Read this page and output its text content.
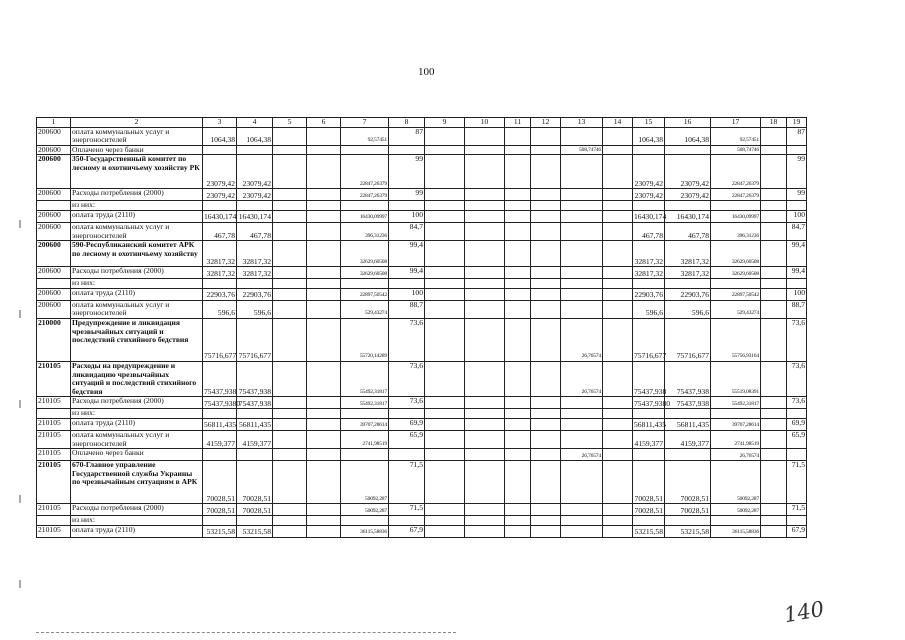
100
1	2	3	4	5	6	7	8	9	10	11	12	13	14	15	16	17	18	19
200600	оплата коммунальных услуг и энергоносителей	1064,38	1064,38			92,57451	87							1064,38	1064,38	92,57451		87
200600	Оплачено через банки											508,74746				508,74746		
200600	350-Государственный комитет по лесному и охотничьему хозяйству РК	23079,42	23079,42			22847,26379	99							23079,42	23079,42	22847,26379		99
200600	Расходы потребления (2000)	23079,42	23079,42			22847,26379	99							23079,42	23079,42	22847,26379		99
	из них:																	
200600	оплата труда (2110)	16430,174	16430,174			16430,09997	100							16430,174	16430,174	16430,09997		100
200600	оплата коммунальных услуг и энергоносителей	467,78	467,78			396,31236	84,7							467,78	467,78	396,31236		84,7
200600	590-Республиканский комитет АРК по лесному и охотничьему хозяйству	32817,32	32817,32			32629,60508	99,4							32817,32	32817,32	32629,60508		99,4
200600	Расходы потребления (2000)	32817,32	32817,32			32629,60508	99,4							32817,32	32817,32	32629,60508		99,4
	из них:																	
200600	оплата труда (2110)	22903,76	22903,76			22897,50542	100							22903,76	22903,76	22897,50542		100
200600	оплата коммунальных услуг и энергоносителей	596,6	596,6			529,43274	88,7							596,6	596,6	529,43274		88,7
210000	Предупреждение и ликвидация чрезвычайных ситуаций и последствий стихийного бедствия	75716,677	75716,677			55720,14289	73,6					26,76574		75716,677	75716,677	55756,93164		73,6
210105	Расходы на предупреждение и ликвидацию чрезвычайных ситуаций и последствий стихийного бедствия	75437,938	75437,938			55492,31817	73,6					26,76574		75437,938	75437,938	55519,08391		73,6
210105	Расходы потребления (2000)	75437,9380	75437,938			55492,31817	73,6							75437,9380	75437,938	55492,31817		73,6
	из них:																	
210105	оплата труда (2110)	56811,435	56811,435			39707,28614	69,9							56811,435	56811,435	39707,28614		69,9
210105	оплата коммунальных услуг и энергоносителей	4159,377	4159,377			2741,98519	65,9							4159,377	4159,377	2741,98519		65,9
210105	Оплачено через банки											26,76574				26,76574		
210105	670-Главное управление Государственной службы Украины по чрезвычайным ситуациям в АРК	70028,51	70028,51			50092,287	71,5							70028,51	70028,51	50092,287		71,5
210105	Расходы потребления (2000)	70028,51	70028,51			50092,287	71,5							70028,51	70028,51	50092,287		71,5
	из них:																	
210105	оплата труда (2110)	53215,58	53215,58			36115,58836	67,9							53215,58	53215,58	36115,58836		67,9
140
